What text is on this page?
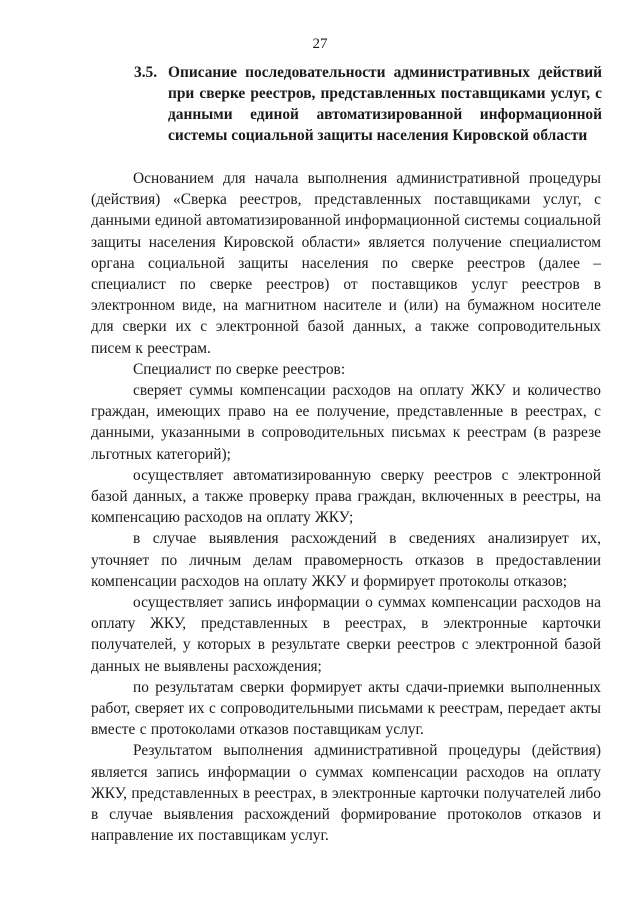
27
3.5. Описание последовательности административных действий
при сверке реестров, представленных поставщиками услуг, с
данными единой автоматизированной информационной
системы социальной защиты населения Кировской области

Основанием для начала выполнения административной процедуры (действия) «Сверка реестров, представленных поставщиками услуг, с данными единой автоматизированной информационной системы социальной защиты населения Кировской области» является получение специалистом органа социальной защиты населения по сверке реестров (далее – специалист по сверке реестров) от поставщиков услуг реестров в электронном виде, на магнитном насителе и (или) на бумажном носителе для сверки их с электронной базой данных, а также сопроводительных писем к реестрам.

Специалист по сверке реестров:

сверяет суммы компенсации расходов на оплату ЖКУ и количество граждан, имеющих право на ее получение, представленные в реестрах, с данными, указанными в сопроводительных письмах к реестрам (в разрезе льготных категорий);

осуществляет автоматизированную сверку реестров с электронной базой данных, а также проверку права граждан, включенных в реестры, на компенсацию расходов на оплату ЖКУ;

в случае выявления расхождений в сведениях анализирует их, уточняет по личным делам правомерность отказов в предоставлении компенсации расходов на оплату ЖКУ и формирует протоколы отказов;

осуществляет запись информации о суммах компенсации расходов на оплату ЖКУ, представленных в реестрах, в электронные карточки получателей, у которых в результате сверки реестров с электронной базой данных не выявлены расхождения;

по результатам сверки формирует акты сдачи-приемки выполненных работ, сверяет их с сопроводительными письмами к реестрам, передает акты вместе с протоколами отказов поставщикам услуг.

Результатом выполнения административной процедуры (действия) является запись информации о суммах компенсации расходов на оплату ЖКУ, представленных в реестрах, в электронные карточки получателей либо в случае выявления расхождений формирование протоколов отказов и направление их поставщикам услуг.
